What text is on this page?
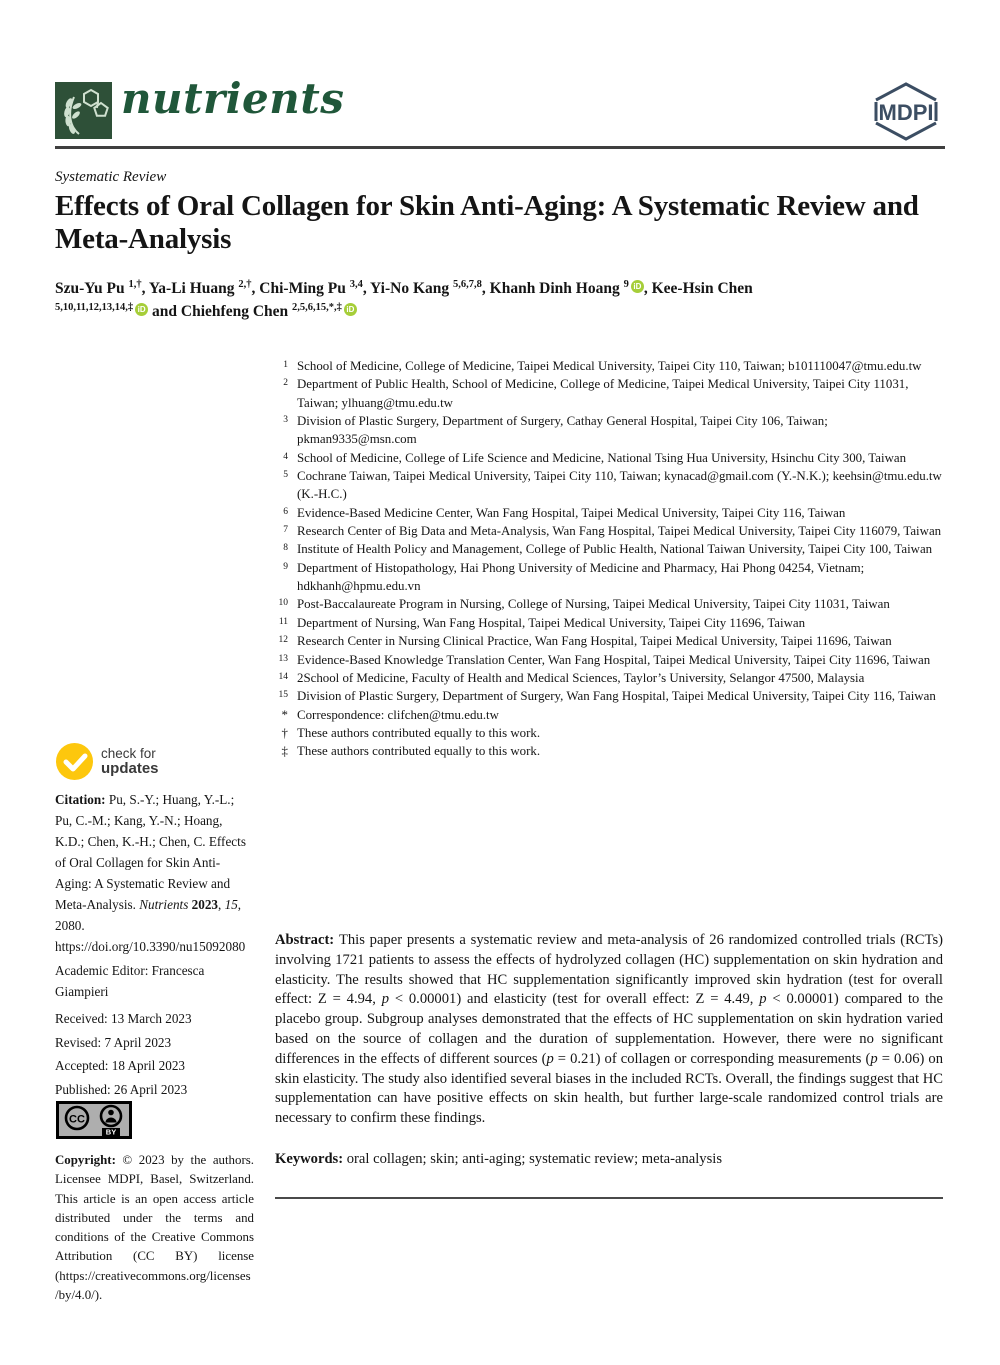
nutrients	MDPI
Systematic Review
Effects of Oral Collagen for Skin Anti-Aging: A Systematic Review and Meta-Analysis
Szu-Yu Pu $^{1,\dagger}$, Ya-Li Huang $^{2,\dagger}$, Chi-Ming Pu $^{3,4}$, Yi-No Kang $^{5,6,7,8}$, Khanh Dinh Hoang $^9$ iD , Kee-Hsin Chen $^{5,10,11,12,13,14,\ddagger}$ iD and Chiehfeng Chen $^{2,5,6,15,*,\ddagger}$ iD
1 School of Medicine, College of Medicine, Taipei Medical University, Taipei City 110, Taiwan; b101110047@tmu.edu.tw
2 Department of Public Health, School of Medicine, College of Medicine, Taipei Medical University, Taipei City 11031, Taiwan; ylhuang@tmu.edu.tw
3 Division of Plastic Surgery, Department of Surgery, Cathay General Hospital, Taipei City 106, Taiwan; pkman9335@msn.com
4 School of Medicine, College of Life Science and Medicine, National Tsing Hua University, Hsinchu City 300, Taiwan
5 Cochrane Taiwan, Taipei Medical University, Taipei City 110, Taiwan; kynacad@gmail.com (Y.-N.K.); keehsin@tmu.edu.tw (K.-H.C.)
6 Evidence-Based Medicine Center, Wan Fang Hospital, Taipei Medical University, Taipei City 116, Taiwan
7 Research Center of Big Data and Meta-Analysis, Wan Fang Hospital, Taipei Medical University, Taipei City 116079, Taiwan
8 Institute of Health Policy and Management, College of Public Health, National Taiwan University, Taipei City 100, Taiwan
9 Department of Histopathology, Hai Phong University of Medicine and Pharmacy, Hai Phong 04254, Vietnam; hdkhanh@hpmu.edu.vn
10 Post-Baccalaureate Program in Nursing, College of Nursing, Taipei Medical University, Taipei City 11031, Taiwan
11 Department of Nursing, Wan Fang Hospital, Taipei Medical University, Taipei City 11696, Taiwan
12 Research Center in Nursing Clinical Practice, Wan Fang Hospital, Taipei Medical University, Taipei 11696, Taiwan
13 Evidence-Based Knowledge Translation Center, Wan Fang Hospital, Taipei Medical University, Taipei City 11696, Taiwan
14 2School of Medicine, Faculty of Health and Medical Sciences, Taylor’s University, Selangor 47500, Malaysia
15 Division of Plastic Surgery, Department of Surgery, Wan Fang Hospital, Taipei Medical University, Taipei City 116, Taiwan
* Correspondence: clifchen@tmu.edu.tw
† These authors contributed equally to this work.
‡ These authors contributed equally to this work.
check for
updates
Citation: Pu, S.-Y.; Huang, Y.-L.; Pu, C.-M.; Kang, Y.-N.; Hoang, K.D.; Chen, K.-H.; Chen, C. Effects of Oral Collagen for Skin Anti-Aging: A Systematic Review and Meta-Analysis. Nutrients 2023, 15, 2080. https://doi.org/10.3390/nu15092080
Academic Editor: Francesca Giampieri
Received: 13 March 2023
Revised: 7 April 2023
Accepted: 18 April 2023
Published: 26 April 2023
CC
BY
Copyright: © 2023 by the authors. Licensee MDPI, Basel, Switzerland. This article is an open access article distributed under the terms and conditions of the Creative Commons Attribution (CC BY) license (https://creativecommons.org/licenses/by/4.0/).
Abstract: This paper presents a systematic review and meta-analysis of 26 randomized controlled trials (RCTs) involving 1721 patients to assess the effects of hydrolyzed collagen (HC) supplementation on skin hydration and elasticity. The results showed that HC supplementation significantly improved skin hydration (test for overall effect: Z = 4.94, p < 0.00001) and elasticity (test for overall effect: Z = 4.49, p < 0.00001) compared to the placebo group. Subgroup analyses demonstrated that the effects of HC supplementation on skin hydration varied based on the source of collagen and the duration of supplementation. However, there were no significant differences in the effects of different sources (p = 0.21) of collagen or corresponding measurements (p = 0.06) on skin elasticity. The study also identified several biases in the included RCTs. Overall, the findings suggest that HC supplementation can have positive effects on skin health, but further large-scale randomized control trials are necessary to confirm these findings.
Keywords: oral collagen; skin; anti-aging; systematic review; meta-analysis
